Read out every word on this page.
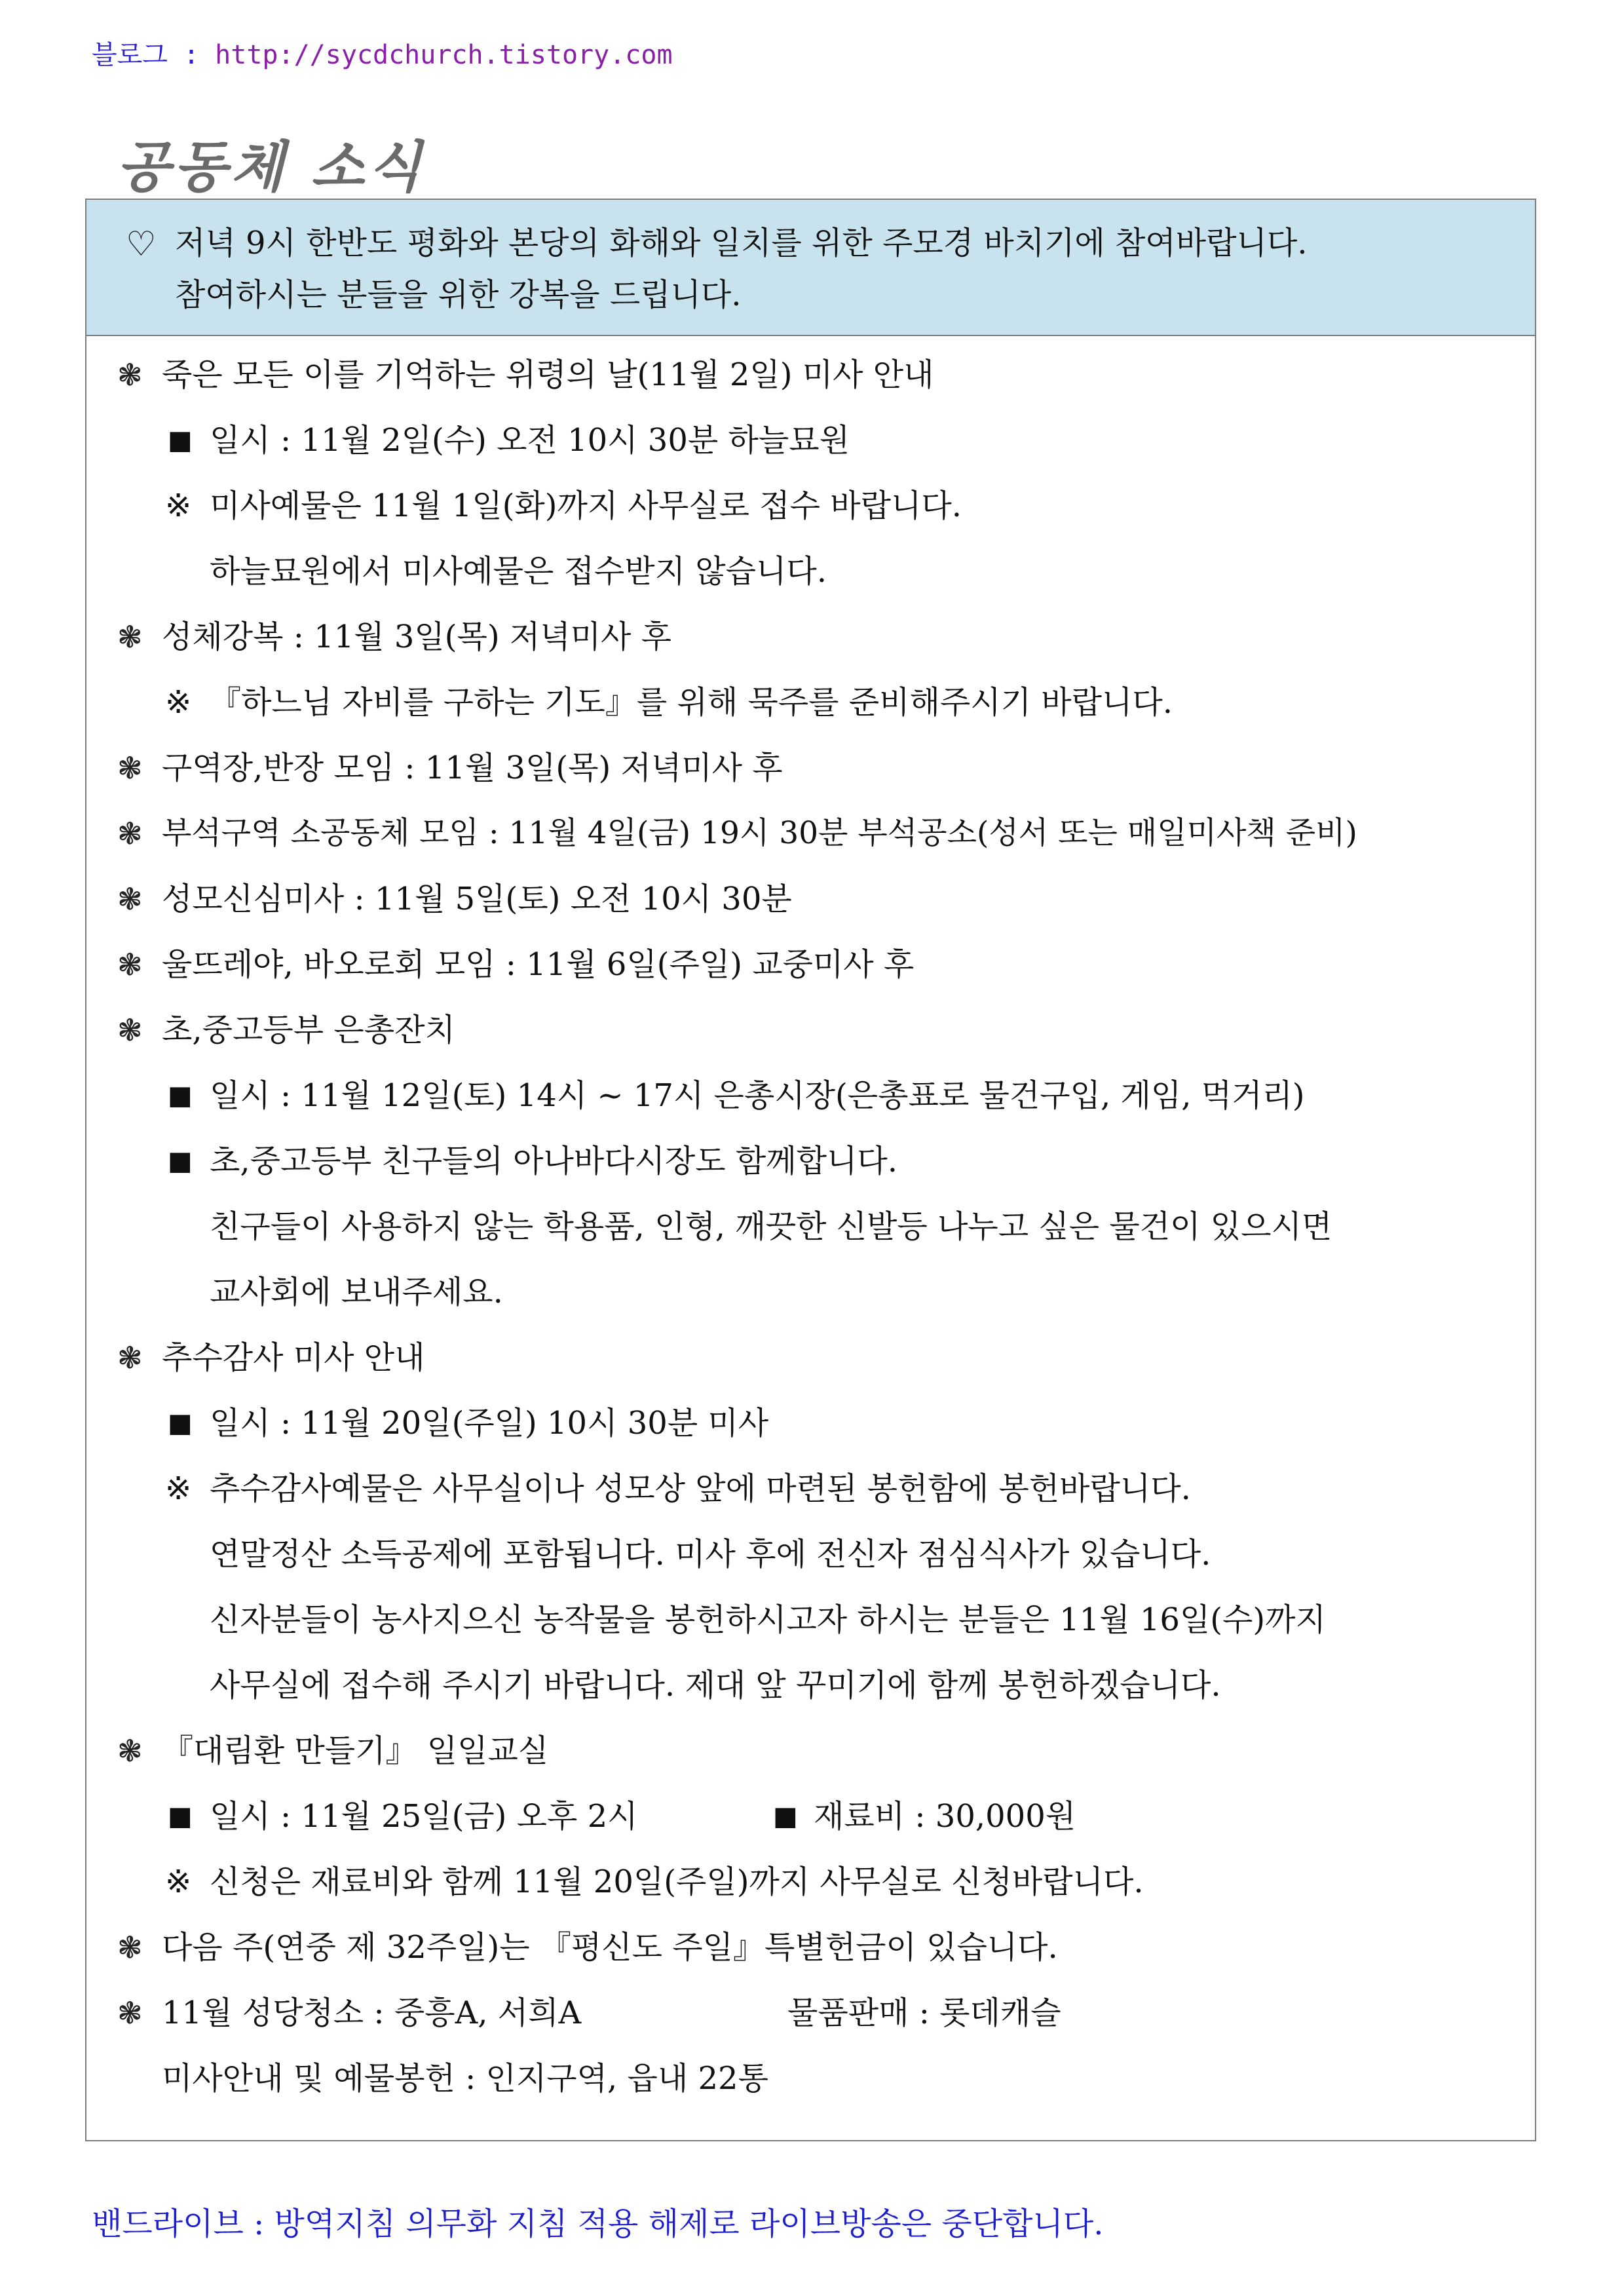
블로그 : http://sycdchurch.tistory.com
공동체 소식
♡ 저녁 9시 한반도 평화와 본당의 화해와 일치를 위한 주모경 바치기에 참여바랍니다.
참여하시는 분들을 위한 강복을 드립니다.
❃ 죽은 모든 이를 기억하는 위령의 날(11월 2일) 미사 안내
■ 일시 : 11월 2일(수) 오전 10시 30분 하늘묘원
※ 미사예물은 11월 1일(화)까지 사무실로 접수 바랍니다.
하늘묘원에서 미사예물은 접수받지 않습니다.
❃ 성체강복 : 11월 3일(목) 저녁미사 후
※ 『하느님 자비를 구하는 기도』를 위해 묵주를 준비해주시기 바랍니다.
❃ 구역장,반장 모임 : 11월 3일(목) 저녁미사 후
❃ 부석구역 소공동체 모임 : 11월 4일(금) 19시 30분 부석공소(성서 또는 매일미사책 준비)
❃ 성모신심미사 : 11월 5일(토) 오전 10시 30분
❃ 울뜨레야, 바오로회 모임 : 11월 6일(주일) 교중미사 후
❃ 초,중고등부 은총잔치
■ 일시 : 11월 12일(토) 14시 ~ 17시 은총시장(은총표로 물건구입, 게임, 먹거리)
■ 초,중고등부 친구들의 아나바다시장도 함께합니다.
친구들이 사용하지 않는 학용품, 인형, 깨끗한 신발등 나누고 싶은 물건이 있으시면
교사회에 보내주세요.
❃ 추수감사 미사 안내
■ 일시 : 11월 20일(주일) 10시 30분 미사
※ 추수감사예물은 사무실이나 성모상 앞에 마련된 봉헌함에 봉헌바랍니다.
연말정산 소득공제에 포함됩니다. 미사 후에 전신자 점심식사가 있습니다.
신자분들이 농사지으신 농작물을 봉헌하시고자 하시는 분들은 11월 16일(수)까지
사무실에 접수해 주시기 바랍니다. 제대 앞 꾸미기에 함께 봉헌하겠습니다.
❃ 『대림환 만들기』 일일교실
■ 일시 : 11월 25일(금) 오후 2시	■ 재료비 : 30,000원
※ 신청은 재료비와 함께 11월 20일(주일)까지 사무실로 신청바랍니다.
❃ 다음 주(연중 제 32주일)는 『평신도 주일』특별헌금이 있습니다.
❃ 11월 성당청소 : 중흥A, 서희A	물품판매 : 롯데캐슬
미사안내 및 예물봉헌 : 인지구역, 읍내 22통
밴드라이브 : 방역지침 의무화 지침 적용 해제로 라이브방송은 중단합니다.
